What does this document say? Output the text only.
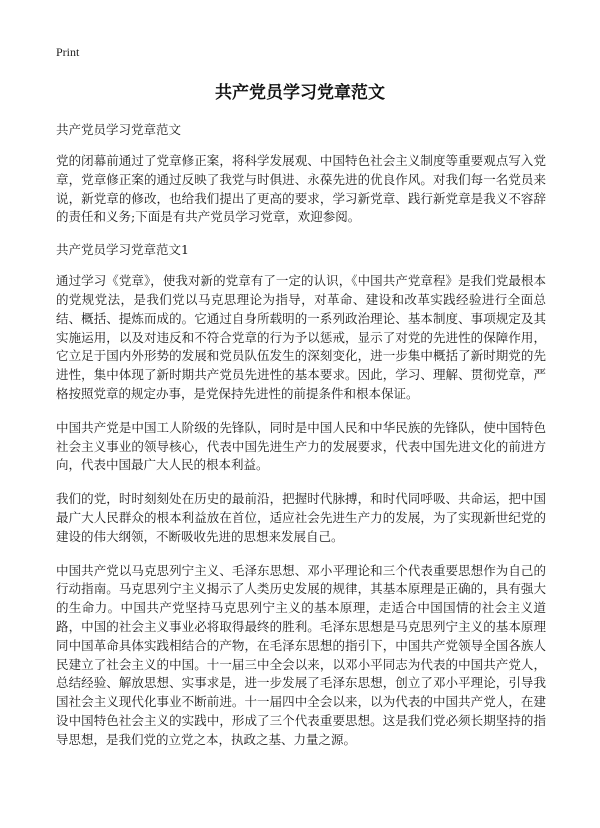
Print
共产党员学习党章范文

共产党员学习党章范文

党的闭幕前通过了党章修正案，将科学发展观、中国特色社会主义制度等重要观点写入党章，党章修正案的通过反映了我党与时俱进、永葆先进的优良作风。对我们每一名党员来说，新党章的修改，也给我们提出了更高的要求，学习新党章、践行新党章是我义不容辞的责任和义务;下面是有共产党员学习党章，欢迎参阅。

共产党员学习党章范文1

通过学习《党章》，使我对新的党章有了一定的认识，《中国共产党章程》是我们党最根本的党规党法，是我们党以马克思理论为指导，对革命、建设和改革实践经验进行全面总结、概括、提炼而成的。它通过自身所载明的一系列政治理论、基本制度、事项规定及其实施运用，以及对违反和不符合党章的行为予以惩戒，显示了对党的先进性的保障作用，它立足于国内外形势的发展和党员队伍发生的深刻变化，进一步集中概括了新时期党的先进性，集中体现了新时期共产党员先进性的基本要求。因此，学习、理解、贯彻党章，严格按照党章的规定办事，是党保持先进性的前提条件和根本保证。

中国共产党是中国工人阶级的先锋队，同时是中国人民和中华民族的先锋队，使中国特色社会主义事业的领导核心，代表中国先进生产力的发展要求，代表中国先进文化的前进方向，代表中国最广大人民的根本利益。

我们的党，时时刻刻处在历史的最前沿，把握时代脉搏，和时代同呼吸、共命运，把中国最广大人民群众的根本利益放在首位，适应社会先进生产力的发展，为了实现新世纪党的建设的伟大纲领，不断吸收先进的思想来发展自己。

中国共产党以马克思列宁主义、毛泽东思想、邓小平理论和三个代表重要思想作为自己的行动指南。马克思列宁主义揭示了人类历史发展的规律，其基本原理是正确的，具有强大的生命力。中国共产党坚持马克思列宁主义的基本原理，走适合中国国情的社会主义道路，中国的社会主义事业必将取得最终的胜利。毛泽东思想是马克思列宁主义的基本原理同中国革命具体实践相结合的产物，在毛泽东思想的指引下，中国共产党领导全国各族人民建立了社会主义的中国。十一届三中全会以来，以邓小平同志为代表的中国共产党人，总结经验、解放思想、实事求是，进一步发展了毛泽东思想，创立了邓小平理论，引导我国社会主义现代化事业不断前进。十一届四中全会以来，以为代表的中国共产党人，在建设中国特色社会主义的实践中，形成了三个代表重要思想。这是我们党必须长期坚持的指导思想，是我们党的立党之本，执政之基、力量之源。
